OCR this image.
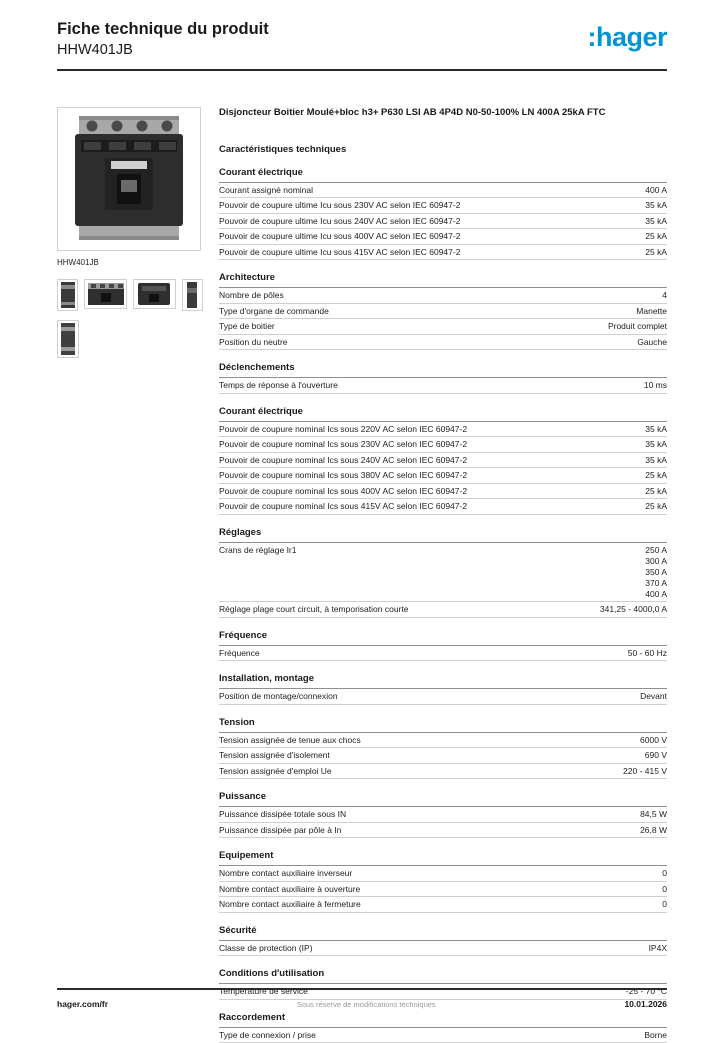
Fiche technique du produit
HHW401JB	:hager
HHW401JB
Disjoncteur Boitier Moulé+bloc h3+ P630 LSI AB 4P4D N0-50-100% LN 400A 25kA FTC
Caractéristiques techniques
Courant électrique
Courant assigné nominal	400 A
Pouvoir de coupure ultime Icu sous 230V AC selon IEC 60947-2	35 kA
Pouvoir de coupure ultime Icu sous 240V AC selon IEC 60947-2	35 kA
Pouvoir de coupure ultime Icu sous 400V AC selon IEC 60947-2	25 kA
Pouvoir de coupure ultime Icu sous 415V AC selon IEC 60947-2	25 kA
Architecture
Nombre de pôles	4
Type d'organe de commande	Manette
Type de boitier	Produit complet
Position du neutre	Gauche
Déclenchements
Temps de réponse à l'ouverture	10 ms
Courant électrique
Pouvoir de coupure nominal Ics sous 220V AC selon IEC 60947-2	35 kA
Pouvoir de coupure nominal Ics sous 230V AC selon IEC 60947-2	35 kA
Pouvoir de coupure nominal Ics sous 240V AC selon IEC 60947-2	35 kA
Pouvoir de coupure nominal Ics sous 380V AC selon IEC 60947-2	25 kA
Pouvoir de coupure nominal Ics sous 400V AC selon IEC 60947-2	25 kA
Pouvoir de coupure nominal Ics sous 415V AC selon IEC 60947-2	25 kA
Réglages
Crans de réglage Ir1	250 A
300 A
350 A
370 A
400 A
Réglage plage court circuit, à temporisation courte	341,25 - 4000,0 A
Fréquence
Fréquence	50 - 60 Hz
Installation, montage
Position de montage/connexion	Devant
Tension
Tension assignée de tenue aux chocs	6000 V
Tension assignée d'isolement	690 V
Tension assignée d'emploi Ue	220 - 415 V
Puissance
Puissance dissipée totale sous IN	84,5 W
Puissance dissipée par pôle à In	26,8 W
Equipement
Nombre contact auxiliaire inverseur	0
Nombre contact auxiliaire à ouverture	0
Nombre contact auxiliaire à fermeture	0
Sécurité
Classe de protection (IP)	IP4X
Conditions d'utilisation
Température de service	-25 - 70 °C
Raccordement
Type de connexion / prise	Borne
hager.com/fr	Sous réserve de modifications techniques	10.01.2026
